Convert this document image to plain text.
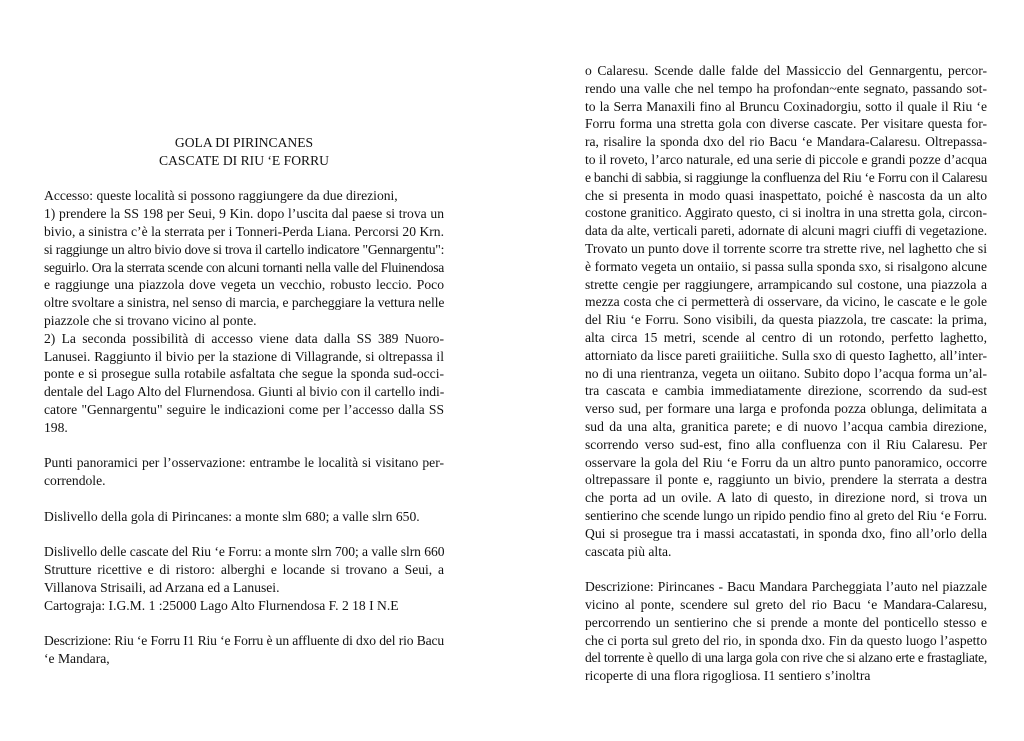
GOLA DI PIRINCANES
CASCATE DI RIU ‘E FORRU
Accesso: queste località si possono raggiungere da due direzioni,
1) prendere la SS 198 per Seui, 9 Kin. dopo l’uscita dal paese si trova un
bivio, a sinistra c’è la sterrata per i Tonneri-Perda Liana. Percorsi 20 Krn.
si raggiunge un altro bivio dove si trova il cartello indicatore "Gennargentu":
seguirlo. Ora la sterrata scende con alcuni tornanti nella valle del Fluinendosa
e raggiunge una piazzola dove vegeta un vecchio, robusto leccio. Poco
oltre svoltare a sinistra, nel senso di marcia, e parcheggiare la vettura nelle
piazzole che si trovano vicino al ponte.
2) La seconda possibilità di accesso viene data dalla SS 389 Nuoro-
Lanusei. Raggiunto il bivio per la stazione di Villagrande, si oltrepassa il
ponte e si prosegue sulla rotabile asfaltata che segue la sponda sud-occi-
dentale del Lago Alto del Flurnendosa. Giunti al bivio con il cartello indi-
catore "Gennargentu" seguire le indicazioni come per l’accesso dalla SS
198.
Punti panoramici per l’osservazione: entrambe le località si visitano per-
correndole.
Dislivello della gola di Pirincanes: a monte slm 680; a valle slrn 650.
Dislivello delle cascate del Riu ‘e Forru: a monte slrn 700; a valle slrn 660
Strutture ricettive e di ristoro: alberghi e locande si trovano a Seui, a
Villanova Strisaili, ad Arzana ed a Lanusei.
Cartograja: I.G.M. 1 :25000 Lago Alto Flurnendosa F. 2 18 I N.E
Descrizione: Riu ‘e Forru I1 Riu ‘e Forru è un affluente di dxo del rio Bacu
‘e Mandara,
o Calaresu. Scende dalle falde del Massiccio del Gennargentu, percor-
rendo una valle che nel tempo ha profondan~ente segnato, passando sot-
to la Serra Manaxili fino al Bruncu Coxinadorgiu, sotto il quale il Riu ‘e
Forru forma una stretta gola con diverse cascate. Per visitare questa for-
ra, risalire la sponda dxo del rio Bacu ‘e Mandara-Calaresu. Oltrepassa-
to il roveto, l’arco naturale, ed una serie di piccole e grandi pozze d’acqua
e banchi di sabbia, si raggiunge la confluenza del Riu ‘e Forru con il Calaresu
che si presenta in modo quasi inaspettato, poiché è nascosta da un alto
costone granitico. Aggirato questo, ci si inoltra in una stretta gola, circon-
data da alte, verticali pareti, adornate di alcuni magri ciuffi di vegetazione.
Trovato un punto dove il torrente scorre tra strette rive, nel laghetto che si
è formato vegeta un ontaiio, si passa sulla sponda sxo, si risalgono alcune
strette cengie per raggiungere, arrampicando sul costone, una piazzola a
mezza costa che ci permetterà di osservare, da vicino, le cascate e le gole
del Riu ‘e Forru. Sono visibili, da questa piazzola, tre cascate: la prima,
alta circa 15 metri, scende al centro di un rotondo, perfetto laghetto,
attorniato da lisce pareti graiiitiche. Sulla sxo di questo Iaghetto, all’inter-
no di una rientranza, vegeta un oiitano. Subito dopo l’acqua forma un’al-
tra cascata e cambia immediatamente direzione, scorrendo da sud-est
verso sud, per formare una larga e profonda pozza oblunga, delimitata a
sud da una alta, granitica parete; e di nuovo l’acqua cambia direzione,
scorrendo verso sud-est, fino alla confluenza con il Riu Calaresu. Per
osservare la gola del Riu ‘e Forru da un altro punto panoramico, occorre
oltrepassare il ponte e, raggiunto un bivio, prendere la sterrata a destra
che porta ad un ovile. A lato di questo, in direzione nord, si trova un
sentierino che scende lungo un ripido pendio fino al greto del Riu ‘e Forru.
Qui si prosegue tra i massi accatastati, in sponda dxo, fino all’orlo della
cascata più alta.
Descrizione: Pirincanes - Bacu Mandara Parcheggiata l’auto nel piazzale
vicino al ponte, scendere sul greto del rio Bacu ‘e Mandara-Calaresu,
percorrendo un sentierino che si prende a monte del ponticello stesso e
che ci porta sul greto del rio, in sponda dxo. Fin da questo luogo l’aspetto
del torrente è quello di una larga gola con rive che si alzano erte e frastagliate,
ricoperte di una flora rigogliosa. I1 sentiero s’inoltra
